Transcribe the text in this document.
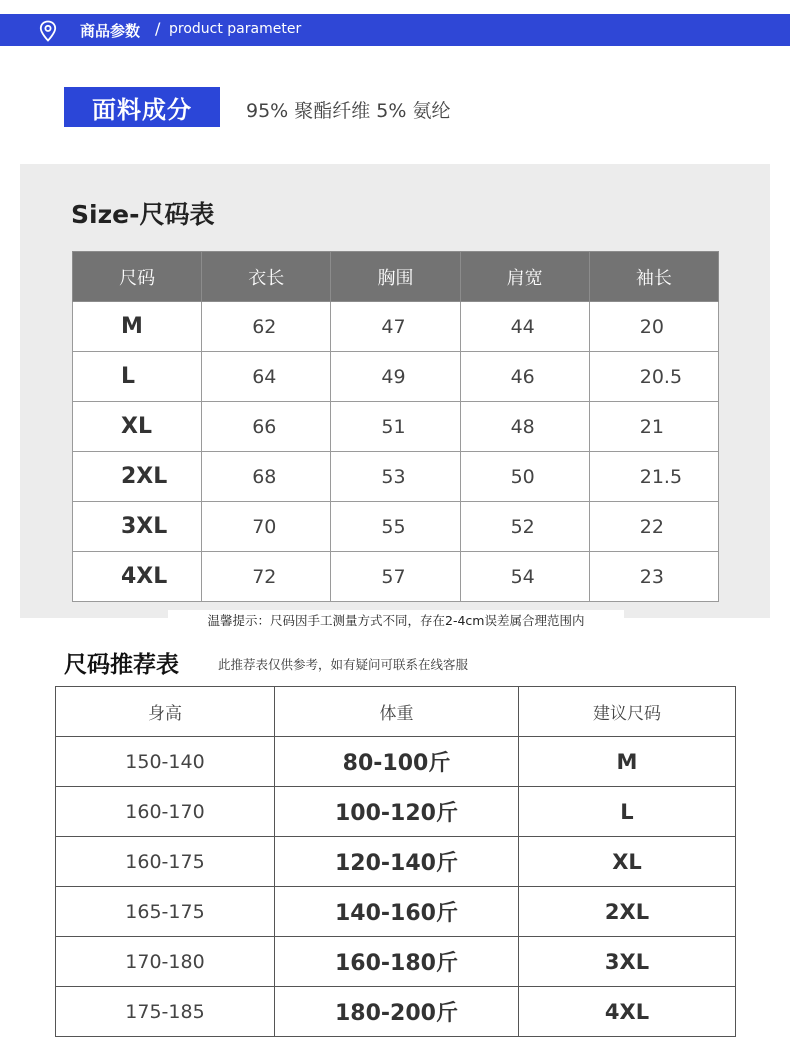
商品参数 / product parameter
面料成分	95% 聚酯纤维 5% 氨纶
Size-尺码表
尺码	衣长	胸围	肩宽	袖长
M	62	47	44	20
L	64	49	46	20.5
XL	66	51	48	21
2XL	68	53	50	21.5
3XL	70	55	52	22
4XL	72	57	54	23
温馨提示：尺码因手工测量方式不同，存在2-4cm误差属合理范围内
尺码推荐表	此推荐表仅供参考，如有疑问可联系在线客服
身高	体重	建议尺码
150-140	80-100斤	M
160-170	100-120斤	L
160-175	120-140斤	XL
165-175	140-160斤	2XL
170-180	160-180斤	3XL
175-185	180-200斤	4XL
